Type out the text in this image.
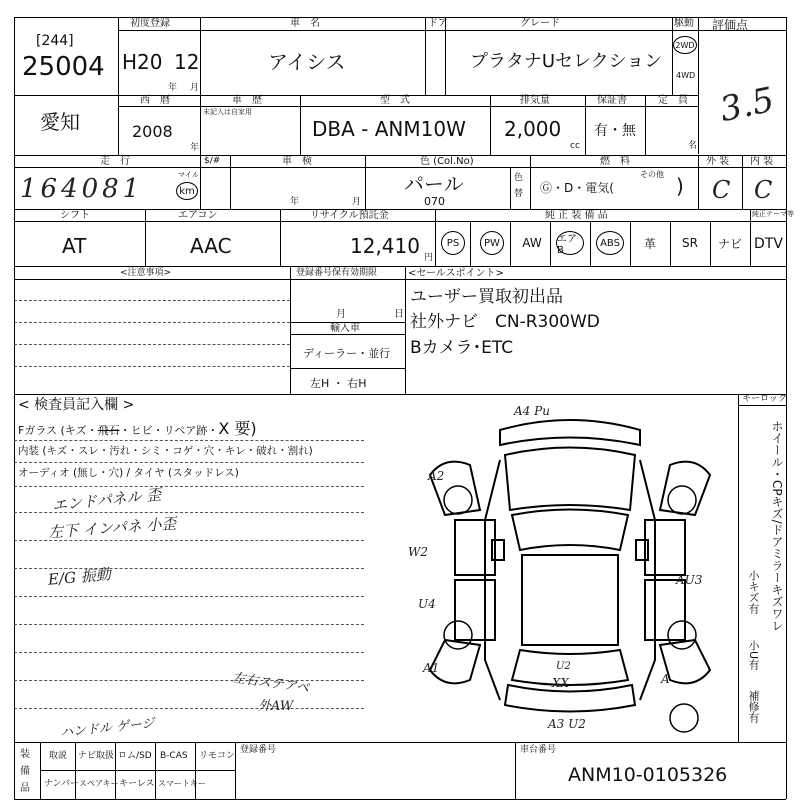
[244]
25004
初度登録
H20 12
年 月
車　名
アイシス
ドア	グレード
プラタナUセレクション
駆動
2WD
4WD
評価点
3.5
愛知
西　暦
2008
年
車　歴
未記入は自家用
型　式
DBA - ANM10W
排気量
2,000
cc
保証書
有・無
定　員
名
走　行
164081	マイル
km
$/#	車　検
年	月
色 (Col.No)
パール
070
色
替
燃　料
Ⓖ・D・電気(
その他 )
外 装
C
内 装
C
シフト
AT
エアコン
AAC
リサイクル預託金
12,410 円
純 正 装 備 品	純正テーマ等
PS	PW	AW エアB
ABS	革	SR	ナビ DTV
<注意事項>	登録番号保有効期限
月	日
輸入車
ディーラー・並行
左H ・ 右H
<セールスポイント>
ユーザー買取初出品
社外ナビ　CN-R300WD
Bカメラ･ETC
< 検査員記入欄 >
Fガラス (キズ・飛石・ヒビ・リペア跡・X 要)
内装 (キズ・スレ・汚れ・シミ・コゲ・穴・キレ・破れ・割れ)
オーディオ (無し・穴) / タイヤ (スタッドレス)
エンドパネル 歪
左下 インパネ 小歪
E/G 振動
左右ステアベ
外AW
ハンドル ゲージ
キーロック
ホイール・CPキズ/ドアミラーキズワレ
小キズ有
小U有
補修有
A4 Pu
A2
W2
U4
A1
AU3
A
U2
XX
A3 U2
装
備
品
取説 ナビ取扱 ロム/SD B-CAS リモコン
ナンバー スペアキー キーレス スマートキー
登録番号	車台番号
ANM10-0105326
